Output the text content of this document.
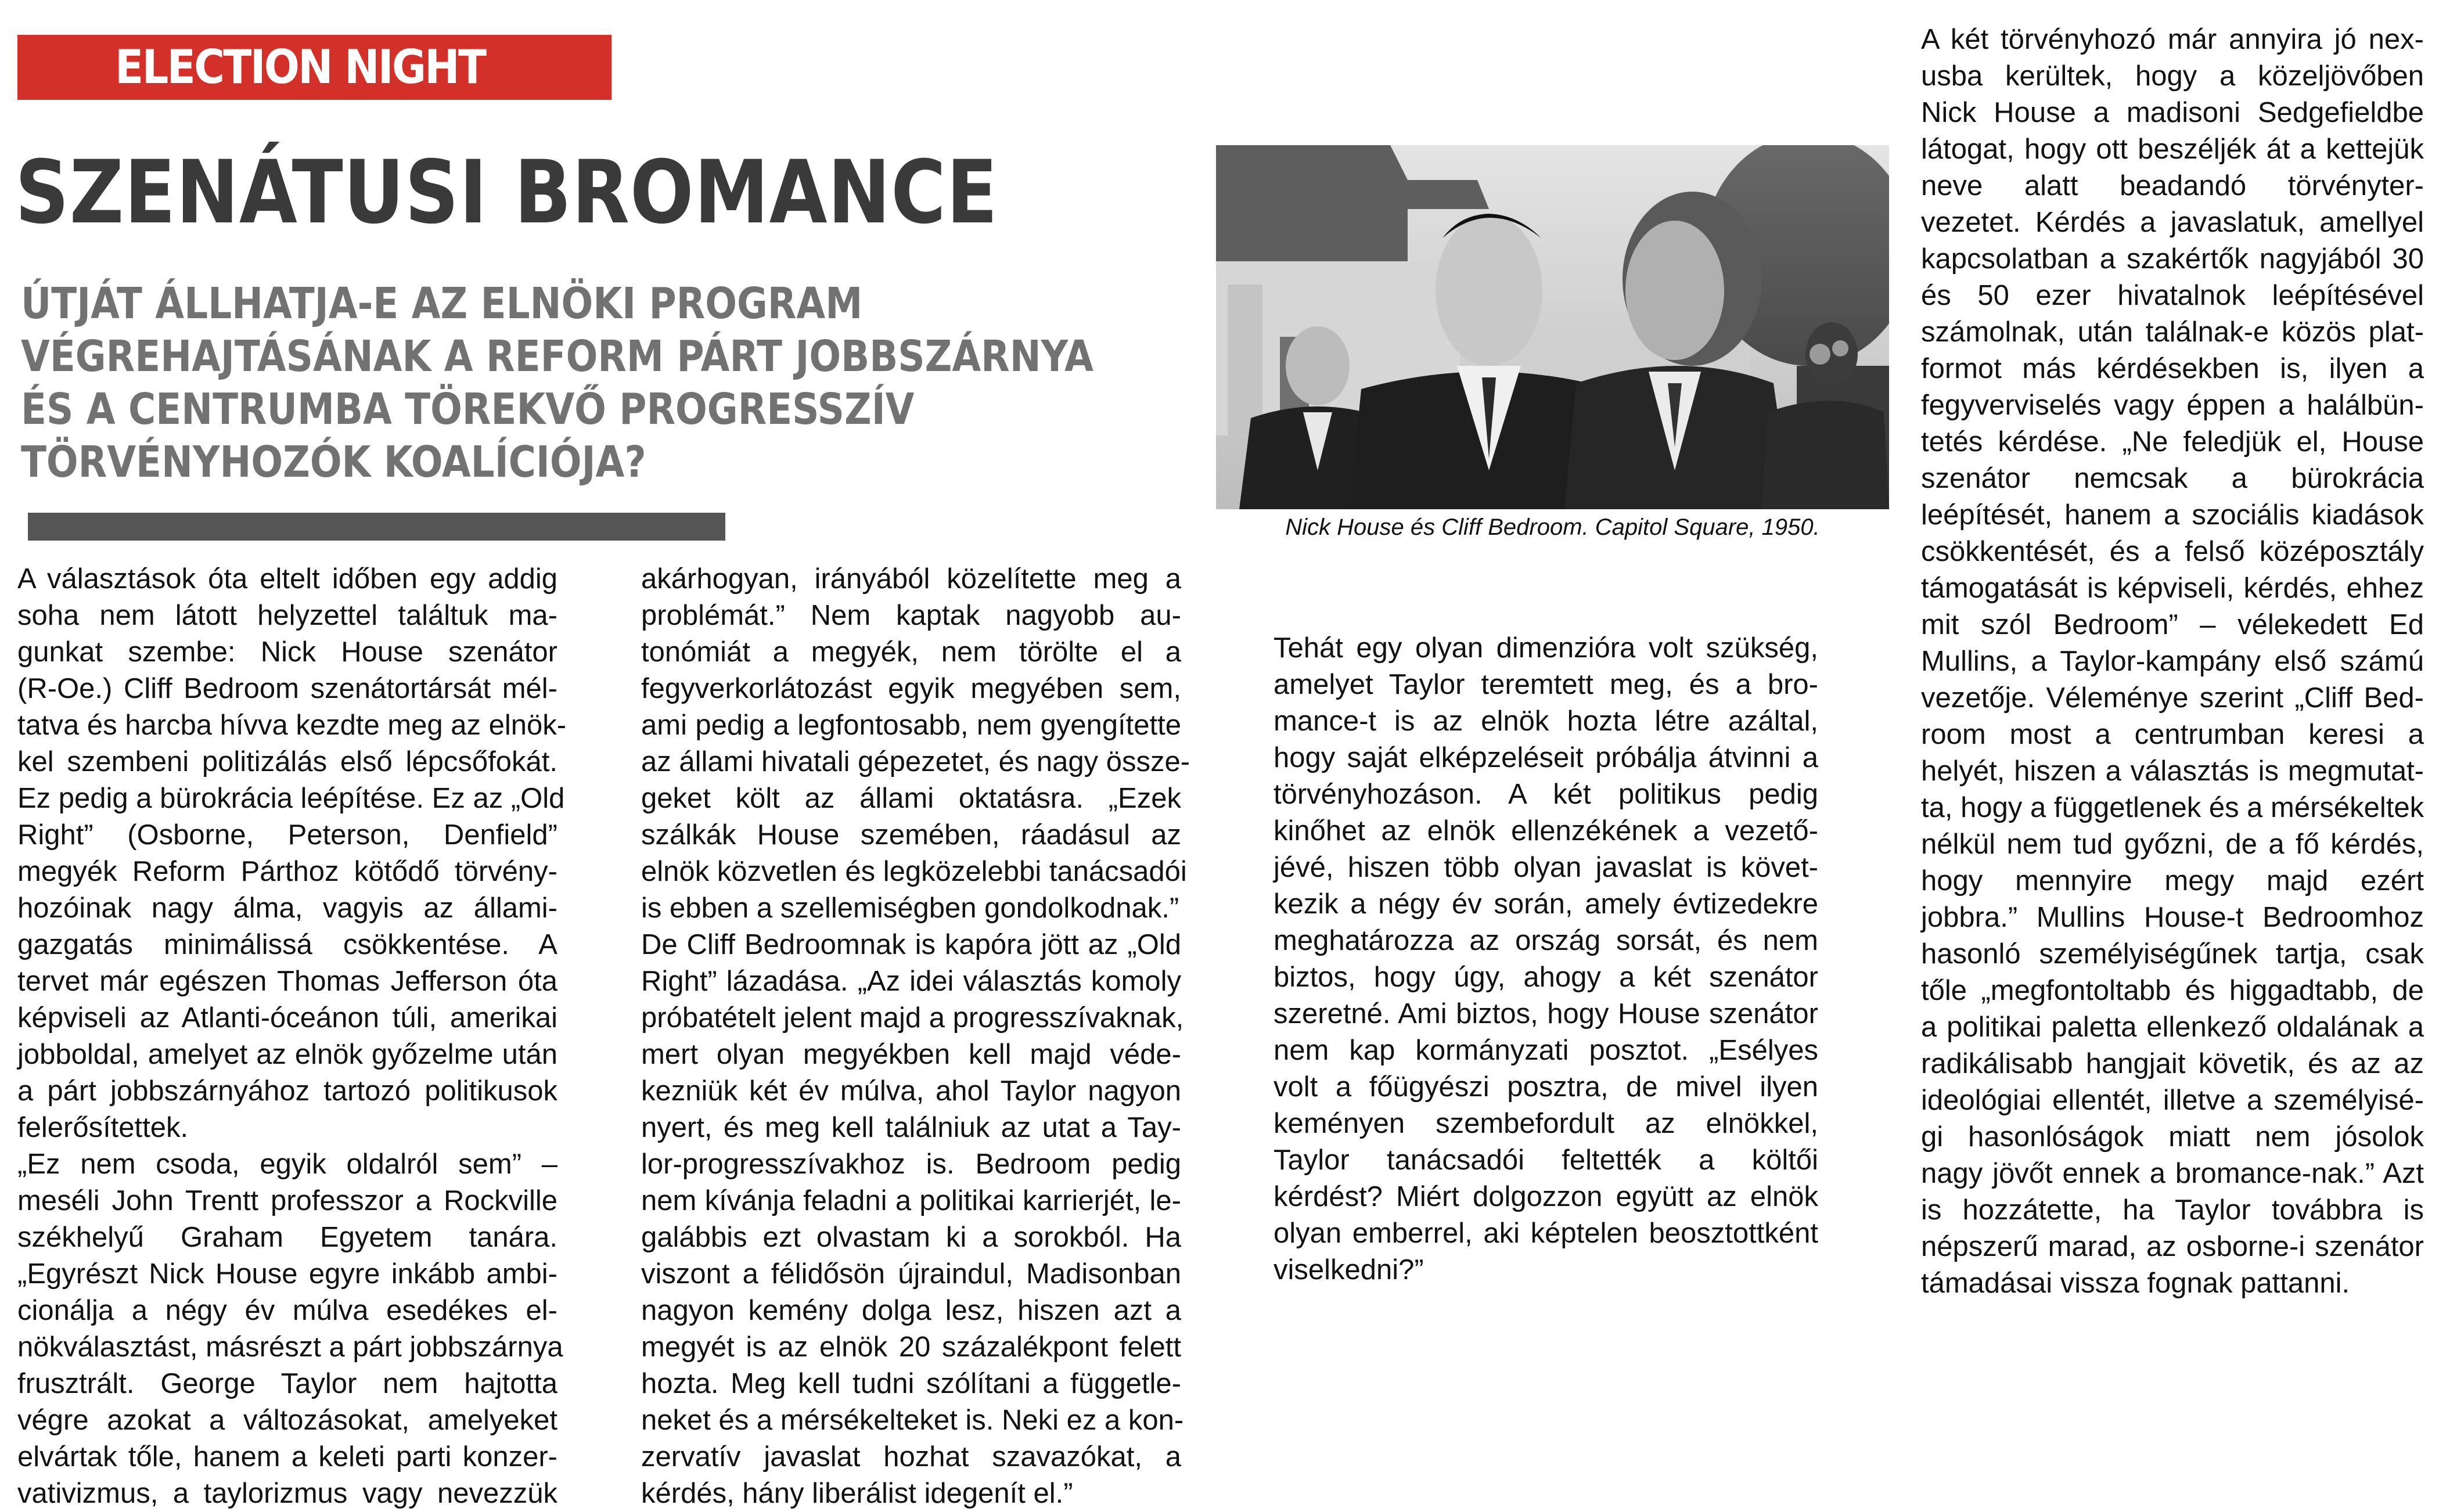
ELECTION NIGHT
SZENÁTUSI BROMANCE
ÚTJÁT ÁLLHATJA-E AZ ELNÖKI PROGRAM
VÉGREHAJTÁSÁNAK A REFORM PÁRT JOBBSZÁRNYA
ÉS A CENTRUMBA TÖREKVŐ PROGRESSZÍV
TÖRVÉNYHOZÓK KOALÍCIÓJA?
A választások óta eltelt időben egy addig
soha nem látott helyzettel találtuk ma-
gunkat szembe: Nick House szenátor
(R-Oe.) Cliff Bedroom szenátortársát mél-
tatva és harcba hívva kezdte meg az elnök-
kel szembeni politizálás első lépcsőfokát.
Ez pedig a bürokrácia leépítése. Ez az „Old
Right” (Osborne, Peterson, Denfield”
megyék Reform Párthoz kötődő törvény-
hozóinak nagy álma, vagyis az állami-
gazgatás minimálissá csökkentése. A
tervet már egészen Thomas Jefferson óta
képviseli az Atlanti-óceánon túli, amerikai
jobboldal, amelyet az elnök győzelme után
a párt jobbszárnyához tartozó politikusok
felerősítettek.
„Ez nem csoda, egyik oldalról sem” –
meséli John Trentt professzor a Rockville
székhelyű Graham Egyetem tanára.
„Egyrészt Nick House egyre inkább ambi-
cionálja a négy év múlva esedékes el-
nökválasztást, másrészt a párt jobbszárnya
frusztrált. George Taylor nem hajtotta
végre azokat a változásokat, amelyeket
elvártak tőle, hanem a keleti parti konzer-
vativizmus, a taylorizmus vagy nevezzük
akárhogyan, irányából közelítette meg a
problémát.” Nem kaptak nagyobb au-
tonómiát a megyék, nem törölte el a
fegyverkorlátozást egyik megyében sem,
ami pedig a legfontosabb, nem gyengítette
az állami hivatali gépezetet, és nagy össze-
geket költ az állami oktatásra. „Ezek
szálkák House szemében, ráadásul az
elnök közvetlen és legközelebbi tanácsadói
is ebben a szellemiségben gondolkodnak.”
De Cliff Bedroomnak is kapóra jött az „Old
Right” lázadása. „Az idei választás komoly
próbatételt jelent majd a progresszívaknak,
mert olyan megyékben kell majd véde-
kezniük két év múlva, ahol Taylor nagyon
nyert, és meg kell találniuk az utat a Tay-
lor-progresszívakhoz is. Bedroom pedig
nem kívánja feladni a politikai karrierjét, le-
galábbis ezt olvastam ki a sorokból. Ha
viszont a félidősön újraindul, Madisonban
nagyon kemény dolga lesz, hiszen azt a
megyét is az elnök 20 százalékpont felett
hozta. Meg kell tudni szólítani a függetle-
neket és a mérsékelteket is. Neki ez a kon-
zervatív javaslat hozhat szavazókat, a
kérdés, hány liberálist idegenít el.”
Nick House és Cliff Bedroom. Capitol Square, 1950.
Tehát egy olyan dimenzióra volt szükség,
amelyet Taylor teremtett meg, és a bro-
mance-t is az elnök hozta létre azáltal,
hogy saját elképzeléseit próbálja átvinni a
törvényhozáson. A két politikus pedig
kinőhet az elnök ellenzékének a vezető-
jévé, hiszen több olyan javaslat is követ-
kezik a négy év során, amely évtizedekre
meghatározza az ország sorsát, és nem
biztos, hogy úgy, ahogy a két szenátor
szeretné. Ami biztos, hogy House szenátor
nem kap kormányzati posztot. „Esélyes
volt a főügyészi posztra, de mivel ilyen
keményen szembefordult az elnökkel,
Taylor tanácsadói feltették a költői
kérdést? Miért dolgozzon együtt az elnök
olyan emberrel, aki képtelen beosztottként
viselkedni?”
A két törvényhozó már annyira jó nex-
usba kerültek, hogy a közeljövőben
Nick House a madisoni Sedgefieldbe
látogat, hogy ott beszéljék át a kettejük
neve alatt beadandó törvényter-
vezetet. Kérdés a javaslatuk, amellyel
kapcsolatban a szakértők nagyjából 30
és 50 ezer hivatalnok leépítésével
számolnak, után találnak-e közös plat-
formot más kérdésekben is, ilyen a
fegyverviselés vagy éppen a halálbün-
tetés kérdése. „Ne feledjük el, House
szenátor nemcsak a bürokrácia
leépítését, hanem a szociális kiadások
csökkentését, és a felső középosztály
támogatását is képviseli, kérdés, ehhez
mit szól Bedroom” – vélekedett Ed
Mullins, a Taylor-kampány első számú
vezetője. Véleménye szerint „Cliff Bed-
room most a centrumban keresi a
helyét, hiszen a választás is megmutat-
ta, hogy a függetlenek és a mérsékeltek
nélkül nem tud győzni, de a fő kérdés,
hogy mennyire megy majd ezért
jobbra.” Mullins House-t Bedroomhoz
hasonló személyiségűnek tartja, csak
tőle „megfontoltabb és higgadtabb, de
a politikai paletta ellenkező oldalának a
radikálisabb hangjait követik, és az az
ideológiai ellentét, illetve a személyisé-
gi hasonlóságok miatt nem jósolok
nagy jövőt ennek a bromance-nak.” Azt
is hozzátette, ha Taylor továbbra is
népszerű marad, az osborne-i szenátor
támadásai vissza fognak pattanni.
